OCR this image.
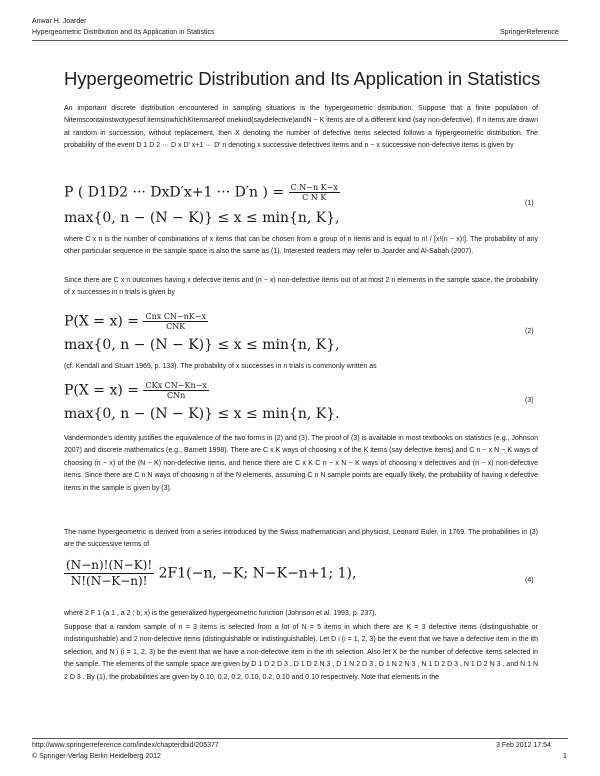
Anwar H. Joarder
Hypergeometric Distribution and Its Application in Statistics	SpringerReference
Hypergeometric Distribution and Its Application in Statistics
An important discrete distribution encountered in sampling situations is the hypergeometric distribution. Suppose that a finite population of Nitemscontainstwotypesof itemsinwhichKitemsareof onekind(saydefective)andN − K items are of a different kind (say non-defective). If n items are drawn at random in succession, without replacement, then X denoting the number of defective items selected follows a hypergeometric distribution. The probability of the event D 1 D 2 ··· D x D′ x+1 ··· D′ n denoting x successive defectives items and n − x successive non-defective items is given by
P ( D1D2 ··· DxD′x+1 ··· D′n ) = $\frac{\text{C N−n K−x}}{\text{C N K}}$
max{0, n − (N − K)} ≤ x ≤ min{n, K},
(1)
where C x n is the number of combinations of x items that can be chosen from a group of n items and is equal to n! / [x!(n − x)!]. The probability of any other particular sequence in the sample space is also the same as (1). Interested readers may refer to Joarder and Al-Sabah (2007).
Since there are C x n outcomes having x defective items and (n − x) non-defective items out of at most 2 n elements in the sample space, the probability of x successes in n trials is given by
$P(X = x) = \frac{\text{Cnx CN−nK−x}}{\text{CNK}}$
max{0, n − (N − K)} ≤ x ≤ min{n, K},
(2)
(cf. Kendall and Stuart 1969, p. 133). The probability of x successes in n trials is commonly written as
$P(X = x) = \frac{\text{CKx CN−Kn−x}}{\text{CNn}}$
max{0, n − (N − K)} ≤ x ≤ min{n, K}.
(3)
Vandermonde's identity justifies the equivalence of the two forms in (2) and (3). The proof of (3) is available in most textbooks on statistics (e.g., Johnson 2007) and discrete mathematics (e.g., Barnett 1998). There are C x K ways of choosing x of the K items (say defective items) and C n − x N − K ways of choosing (n − x) of the (N − K) non-defective items, and hence there are C x K C n − x N − K ways of choosing x defectives and (n − x) non-defective items. Since there are C n N ways of choosing n of the N elements, assuming C n N sample points are equally likely, the probability of having x defective items in the sample is given by (3).
The name hypergeometric is derived from a series introduced by the Swiss mathematician and physicist, Leonard Euler, in 1769. The probabilities in (3) are the successive terms of
$\frac{(N-n)!(N-K)!}{N!(N-K-n)!} 2F1(-n$, −K; N−K−n+1; 1),	(4)
where 2 F 1 (a 1 , a 2 ; b; x) is the generalized hypergeometric function (Johnson et al. 1993, p. 237).
Suppose that a random sample of n = 3 items is selected from a lot of N = 5 items in which there are K = 3 defective items (distinguishable or indistinguishable) and 2 non-defective items (distinguishable or indistinguishable). Let D i (i = 1, 2, 3) be the event that we have a defective item in the ith selection, and N i (i = 1, 2, 3) be the event that we have a non-defective item in the ith selection. Also let X be the number of defective items selected in the sample. The elements of the sample space are given by D 1 D 2 D 3 , D 1 D 2 N 3 , D 1 N 2 D 3 , D 1 N 2 N 3 , N 1 D 2 D 3 , N 1 D 2 N 3 , and N 1 N 2 D 3 . By (1), the probabilities are given by 0.10, 0.2, 0.2, 0.10, 0.2, 0.10 and 0.10 respectively. Note that elements in the
http://www.springerreference.com/index/chapterdbid/205377	3 Feb 2012 17:54
© Springer-Verlag Berlin Heidelberg 2012	1
